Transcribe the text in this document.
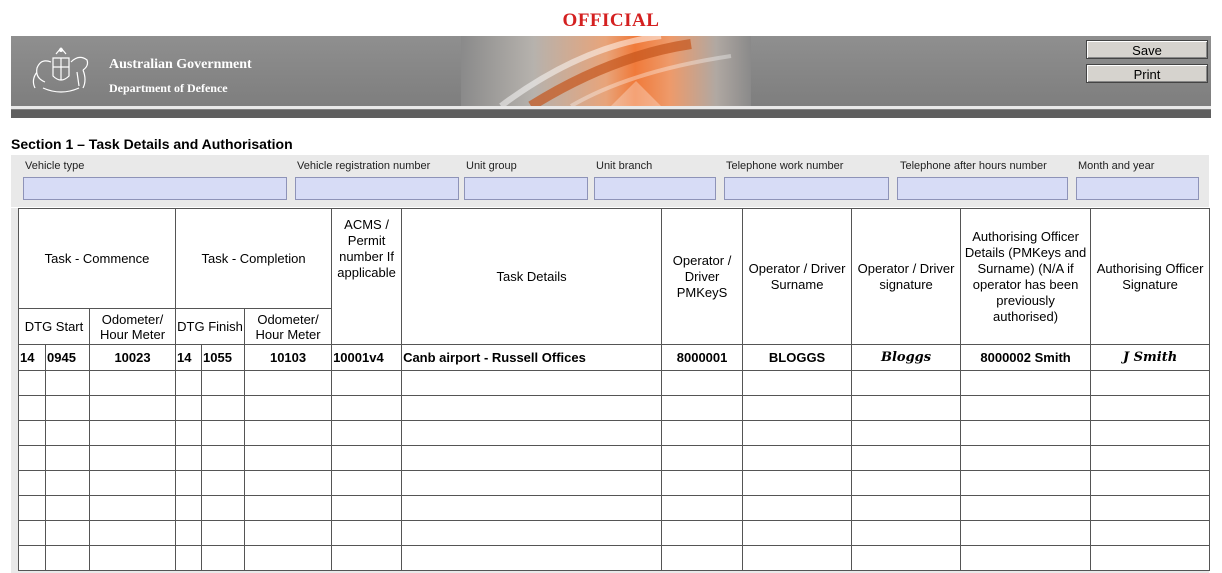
OFFICIAL
Australian Government
Department of Defence
Save
Print
Section 1 – Task Details and Authorisation
Vehicle type	Vehicle registration number	Unit group	Unit branch	Telephone work number	Telephone after hours number	Month and year
Task - Commence			Task - Completion			ACMS / Permit number If applicable	Task Details	Operator / Driver PMKeyS	Operator / Driver Surname	Operator / Driver signature	Authorising Officer Details (PMKeys and Surname) (N/A if operator has been previously authorised)	Authorising Officer Signature
DTG Start		Odometer/ Hour Meter	DTG Finish		Odometer/ Hour Meter							
14	0945	10023	14	1055	10103	10001v4	Canb airport - Russell Offices	8000001	BLOGGS	Bloggs	8000002 Smith	J Smith
